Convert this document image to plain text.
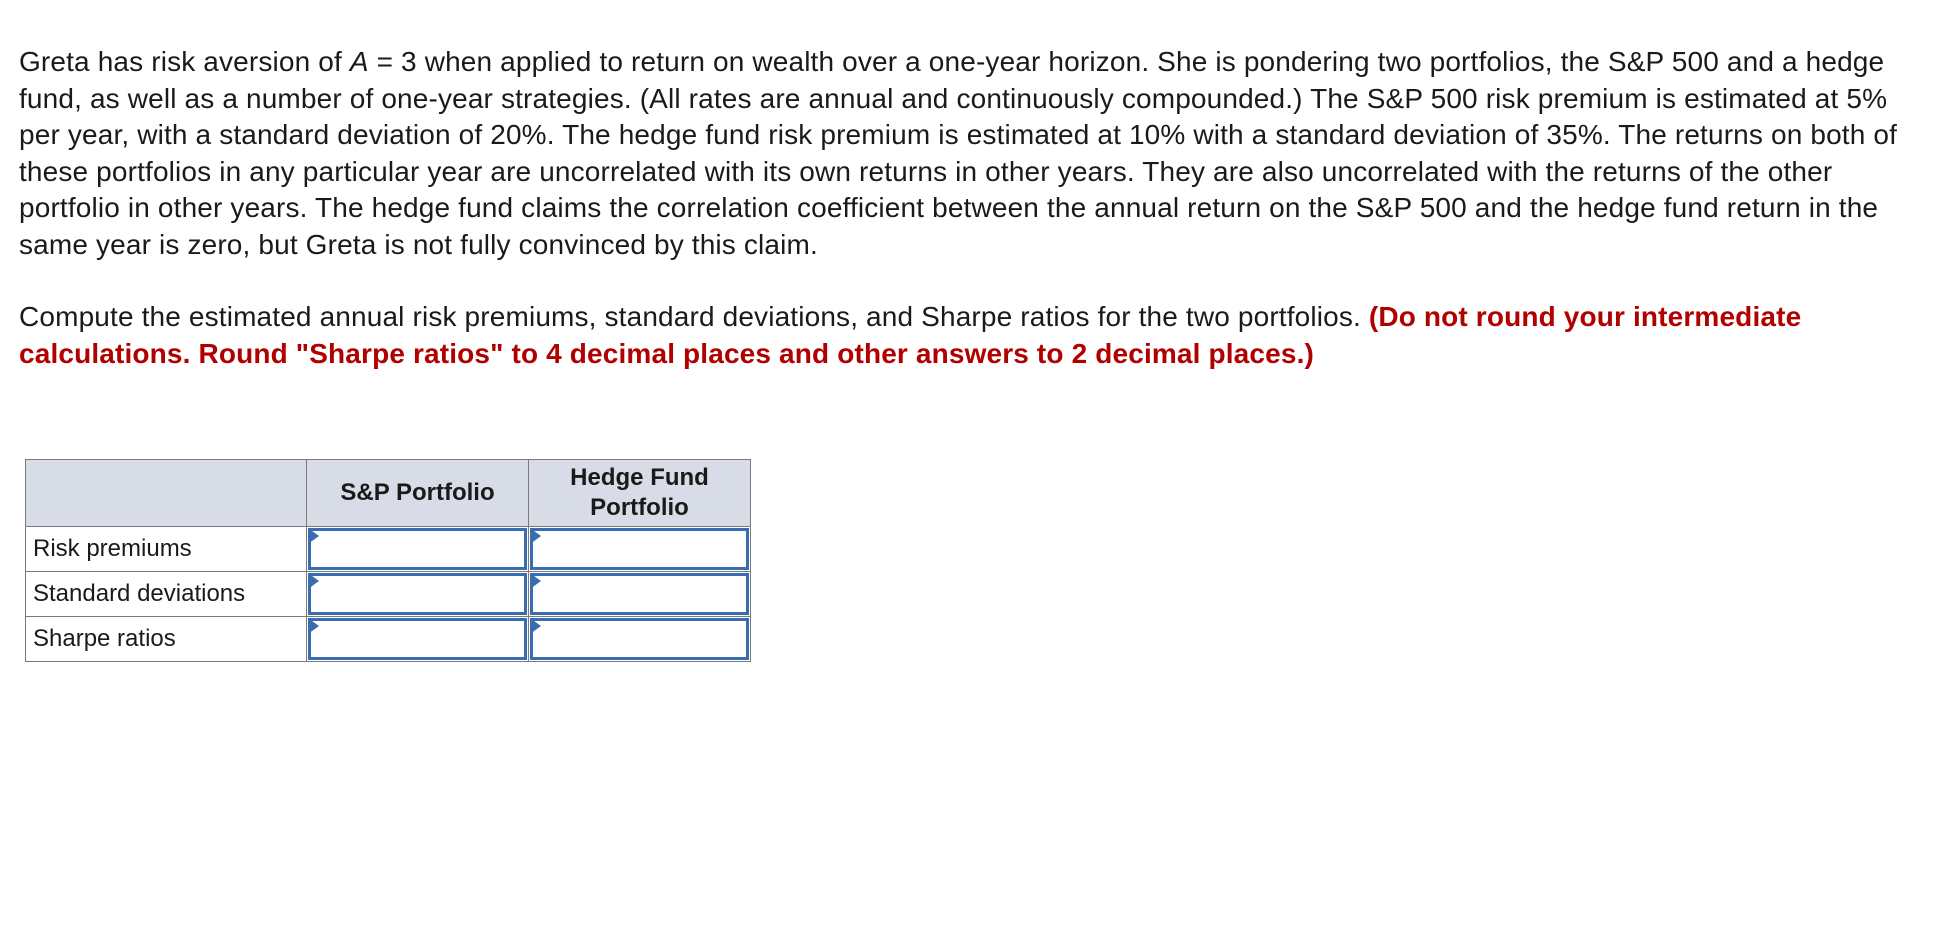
Greta has risk aversion of A = 3 when applied to return on wealth over a one-year horizon. She is pondering two portfolios, the S&P 500 and a hedge fund, as well as a number of one-year strategies. (All rates are annual and continuously compounded.) The S&P 500 risk premium is estimated at 5% per year, with a standard deviation of 20%. The hedge fund risk premium is estimated at 10% with a standard deviation of 35%. The returns on both of these portfolios in any particular year are uncorrelated with its own returns in other years. They are also uncorrelated with the returns of the other portfolio in other years. The hedge fund claims the correlation coefficient between the annual return on the S&P 500 and the hedge fund return in the same year is zero, but Greta is not fully convinced by this claim.

Compute the estimated annual risk premiums, standard deviations, and Sharpe ratios for the two portfolios. (Do not round your intermediate calculations. Round "Sharpe ratios" to 4 decimal places and other answers to 2 decimal places.)

	S&P Portfolio	Hedge Fund Portfolio
Risk premiums	

Standard deviations	

Sharpe ratios	
